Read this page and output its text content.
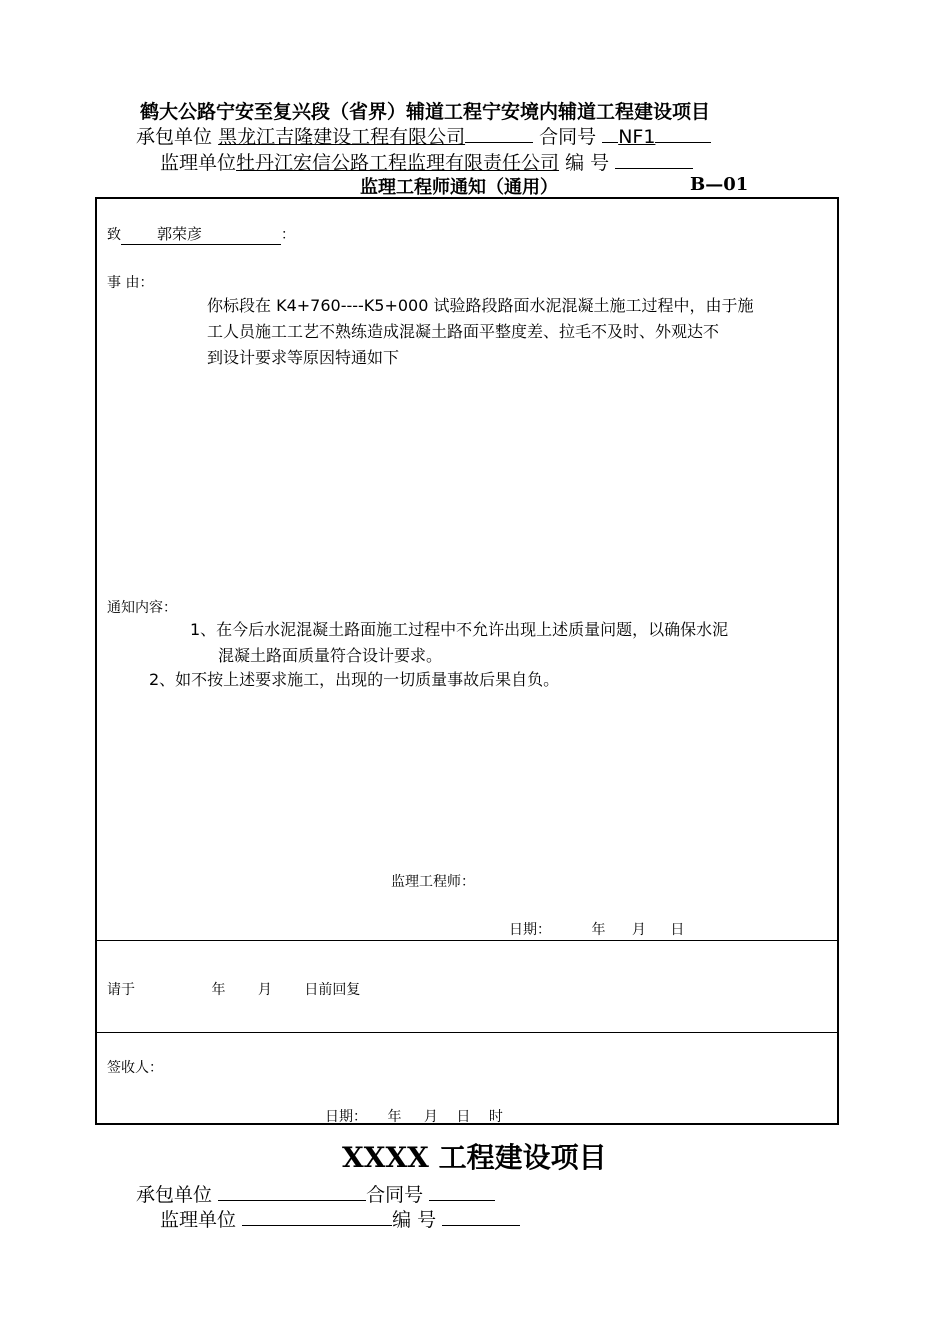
鹤大公路宁安至复兴段（省界）辅道工程宁安境内辅道工程建设项目
承包单位 黑龙江吉隆建设工程有限公司	合同号 NF1
监理单位牡丹江宏信公路工程监理有限责任公司 编 号
监理工程师通知（通用）	B—01
致 郭荣彦	：
事 由：
你标段在 K4+760----K5+000 试验路段路面水泥混凝土施工过程中，由于施
工人员施工工艺不熟练造成混凝土路面平整度差、拉毛不及时、外观达不
到设计要求等原因特通如下
通知内容：
1、在今后水泥混凝土路面施工过程中不允许出现上述质量问题，以确保水泥
混凝土路面质量符合设计要求。
2、如不按上述要求施工，出现的一切质量事故后果自负。
监理工程师：
日期：	年 月 日
请于	年 月 日前回复
签收人：
日期： 年 月 日 时
XXXX 工程建设项目
承包单位	合同号
监理单位	编 号
